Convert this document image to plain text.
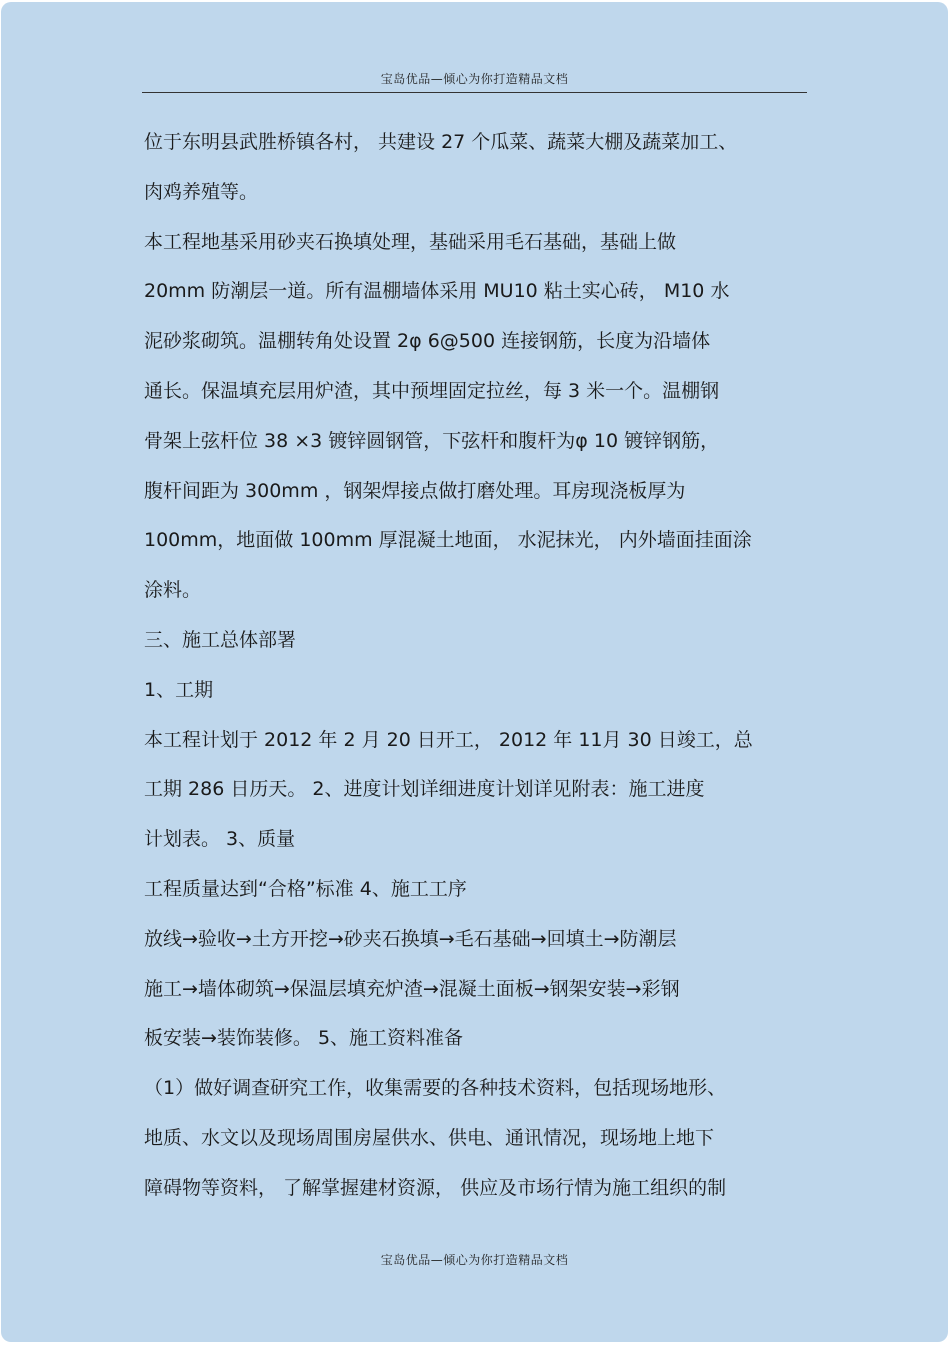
宝岛优品—倾心为你打造精品文档
位于东明县武胜桥镇各村， 共建设 27 个瓜菜、蔬菜大棚及蔬菜加工、
肉鸡养殖等。
本工程地基采用砂夹石换填处理，基础采用毛石基础，基础上做
20mm 防潮层一道。所有温棚墙体采用 MU10 粘土实心砖， M10 水
泥砂浆砌筑。温棚转角处设置 2φ 6@500 连接钢筋，长度为沿墙体
通长。保温填充层用炉渣，其中预埋固定拉丝，每 3 米一个。温棚钢
骨架上弦杆位 38 ×3 镀锌圆钢管，下弦杆和腹杆为φ 10 镀锌钢筋，
腹杆间距为 300mm ，钢架焊接点做打磨处理。耳房现浇板厚为
100mm，地面做 100mm 厚混凝土地面， 水泥抹光， 内外墙面挂面涂
涂料。
三、施工总体部署
1、工期
本工程计划于 2012 年 2 月 20 日开工， 2012 年 11月 30 日竣工，总
工期 286 日历天。 2、进度计划详细进度计划详见附表：施工进度
计划表。 3、质量
工程质量达到“合格”标准 4、施工工序
放线→验收→土方开挖→砂夹石换填→毛石基础→回填土→防潮层
施工→墙体砌筑→保温层填充炉渣→混凝土面板→钢架安装→彩钢
板安装→装饰装修。 5、施工资料准备
（1）做好调查研究工作，收集需要的各种技术资料，包括现场地形、
地质、水文以及现场周围房屋供水、供电、通讯情况，现场地上地下
障碍物等资料， 了解掌握建材资源， 供应及市场行情为施工组织的制
宝岛优品—倾心为你打造精品文档
